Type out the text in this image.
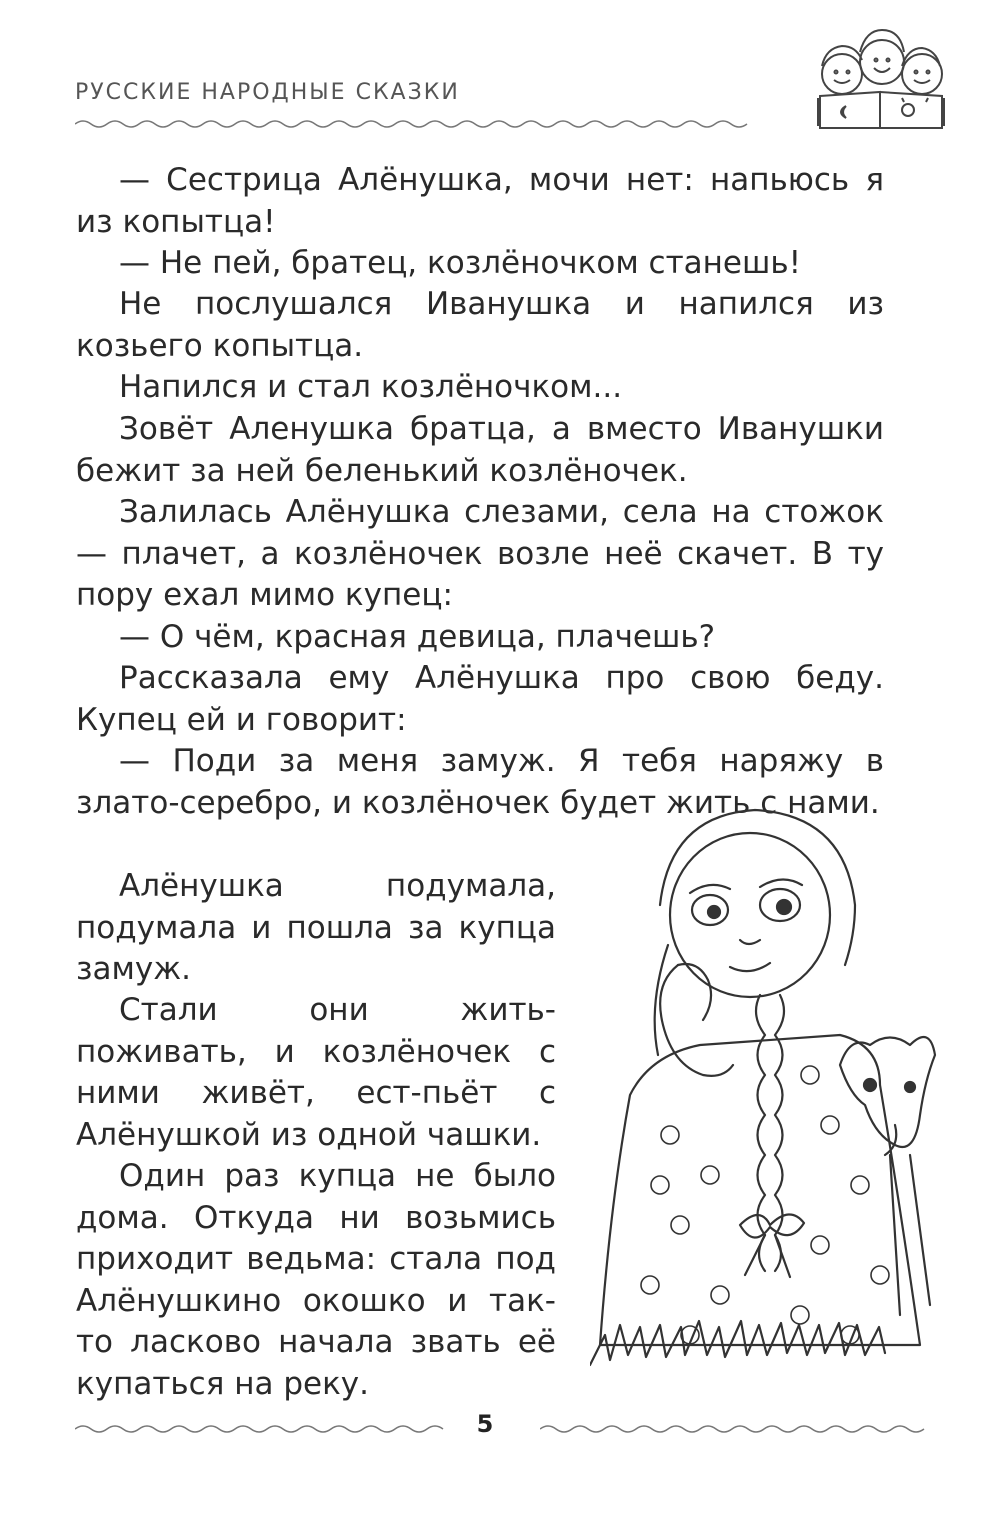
РУССКИЕ НАРОДНЫЕ СКАЗКИ

— Сестрица Алёнушка, мочи нет: напьюсь я из копытца!

— Не пей, братец, козлёночком станешь!

Не послушался Иванушка и напился из козьего копытца.

Напился и стал козлёночком...

Зовёт Аленушка братца, а вместо Иванушки бежит за ней беленький козлёночек.

Залилась Алёнушка слезами, села на стожок — плачет, а козлёночек возле неё скачет. В ту пору ехал мимо купец:

— О чём, красная девица, плачешь?

Рассказала ему Алёнушка про свою беду. Купец ей и говорит:

— Поди за меня замуж. Я тебя наряжу в злато-серебро, и козлёночек будет жить с нами.

Алёнушка подумала, подумала и пошла за купца замуж.

Стали они жить-поживать, и козлёночек с ними живёт, ест-пьёт с Алёнушкой из одной чашки.

Один раз купца не было дома. Откуда ни возьмись приходит ведьма: стала под Алёнушкино окошко и так-то ласково начала звать её купаться на реку.

5
